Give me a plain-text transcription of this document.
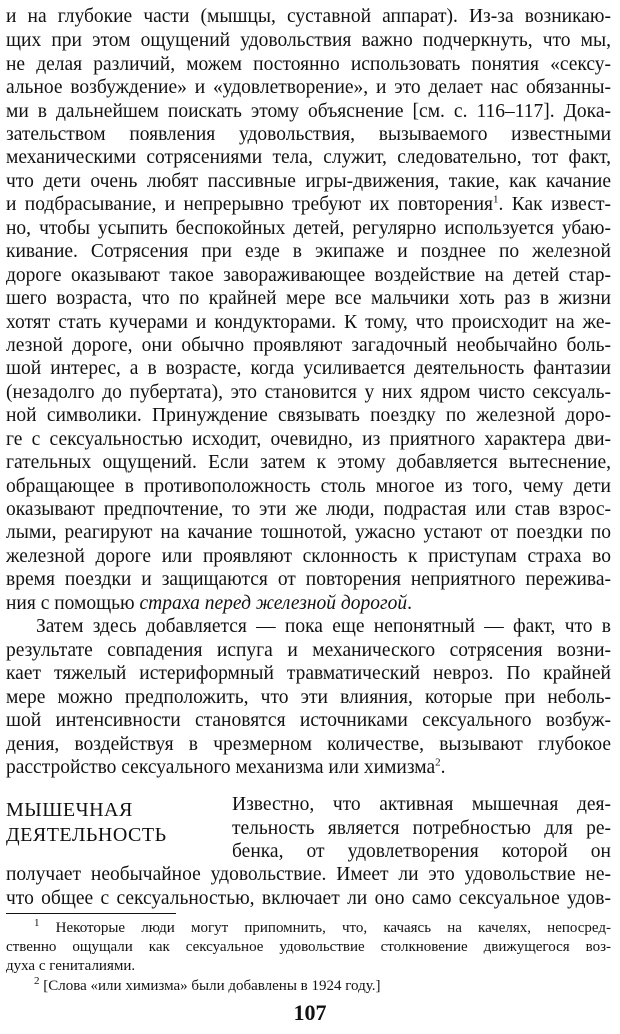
и на глубокие части (мышцы, суставной аппарат). Из-за возникаю-
щих при этом ощущений удовольствия важно подчеркнуть, что мы,
не делая различий, можем постоянно использовать понятия «сексу-
альное возбуждение» и «удовлетворение», и это делает нас обязанны-
ми в дальнейшем поискать этому объяснение [см. с. 116–117]. Дока-
зательством появления удовольствия, вызываемого известными
механическими сотрясениями тела, служит, следовательно, тот факт,
что дети очень любят пассивные игры-движения, такие, как качание
и подбрасывание, и непрерывно требуют их повторения$^1$. Как извест-
но, чтобы усыпить беспокойных детей, регулярно используется убаю-
кивание. Сотрясения при езде в экипаже и позднее по железной
дороге оказывают такое завораживающее воздействие на детей стар-
шего возраста, что по крайней мере все мальчики хоть раз в жизни
хотят стать кучерами и кондукторами. К тому, что происходит на же-
лезной дороге, они обычно проявляют загадочный необычайно боль-
шой интерес, а в возрасте, когда усиливается деятельность фантазии
(незадолго до пубертата), это становится у них ядром чисто сексуаль-
ной символики. Принуждение связывать поездку по железной доро-
ге с сексуальностью исходит, очевидно, из приятного характера дви-
гательных ощущений. Если затем к этому добавляется вытеснение,
обращающее в противоположность столь многое из того, чему дети
оказывают предпочтение, то эти же люди, подрастая или став взрос-
лыми, реагируют на качание тошнотой, ужасно устают от поездки по
железной дороге или проявляют склонность к приступам страха во
время поездки и защищаются от повторения неприятного пережива-
ния с помощью страха перед железной дорогой.
Затем здесь добавляется — пока еще непонятный — факт, что в
результате совпадения испуга и механического сотрясения возни-
кает тяжелый истериформный травматический невроз. По крайней
мере можно предположить, что эти влияния, которые при неболь-
шой интенсивности становятся источниками сексуального возбуж-
дения, воздействуя в чрезмерном количестве, вызывают глубокое
расстройство сексуального механизма или химизма$^2$.
МЫШЕЧНАЯ
ДЕЯТЕЛЬНОСТЬ
Известно, что активная мышечная дея-
тельность является потребностью для ре-
бенка, от удовлетворения которой он
получает необычайное удовольствие. Имеет ли это удовольствие не-
что общее с сексуальностью, включает ли оно само сексуальное удов-
$^1$ Некоторые люди могут припомнить, что, качаясь на качелях, непосред-
ственно ощущали как сексуальное удовольствие столкновение движущегося воз-
духа с гениталиями.
$^2$ [Слова «или химизма» были добавлены в 1924 году.]
107
